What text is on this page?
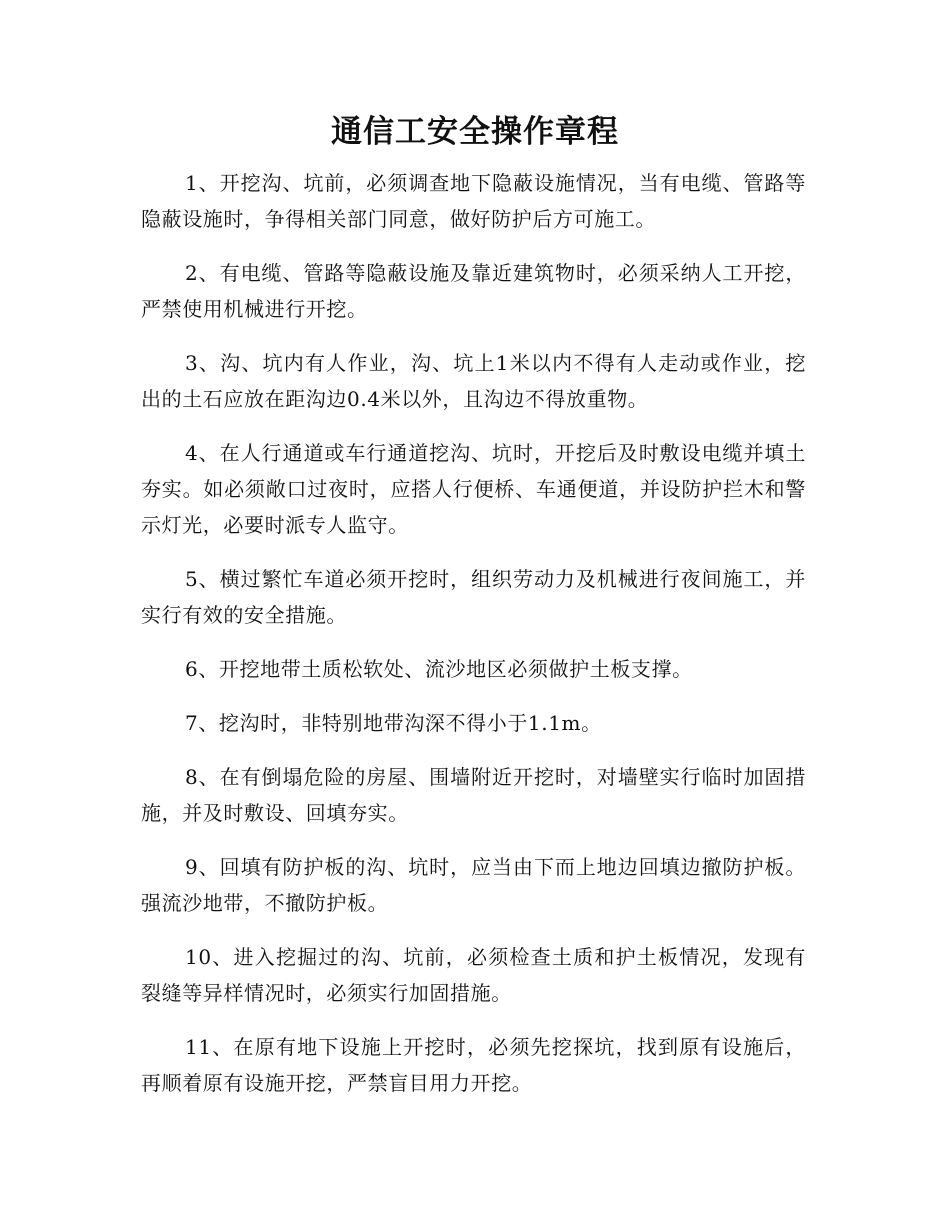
通信工安全操作章程

1、开挖沟、坑前，必须调查地下隐蔽设施情况，当有电缆、管路等隐蔽设施时，争得相关部门同意，做好防护后方可施工。

2、有电缆、管路等隐蔽设施及靠近建筑物时，必须采纳人工开挖，严禁使用机械进行开挖。

3、沟、坑内有人作业，沟、坑上1米以内不得有人走动或作业，挖出的土石应放在距沟边0.4米以外，且沟边不得放重物。

4、在人行通道或车行通道挖沟、坑时，开挖后及时敷设电缆并填土夯实。如必须敞口过夜时，应搭人行便桥、车通便道，并设防护拦木和警示灯光，必要时派专人监守。

5、横过繁忙车道必须开挖时，组织劳动力及机械进行夜间施工，并实行有效的安全措施。

6、开挖地带土质松软处、流沙地区必须做护土板支撑。

7、挖沟时，非特别地带沟深不得小于1.1m。

8、在有倒塌危险的房屋、围墙附近开挖时，对墙壁实行临时加固措施，并及时敷设、回填夯实。

9、回填有防护板的沟、坑时，应当由下而上地边回填边撤防护板。强流沙地带，不撤防护板。

10、进入挖掘过的沟、坑前，必须检查土质和护土板情况，发现有裂缝等异样情况时，必须实行加固措施。

11、在原有地下设施上开挖时，必须先挖探坑，找到原有设施后，再顺着原有设施开挖，严禁盲目用力开挖。
